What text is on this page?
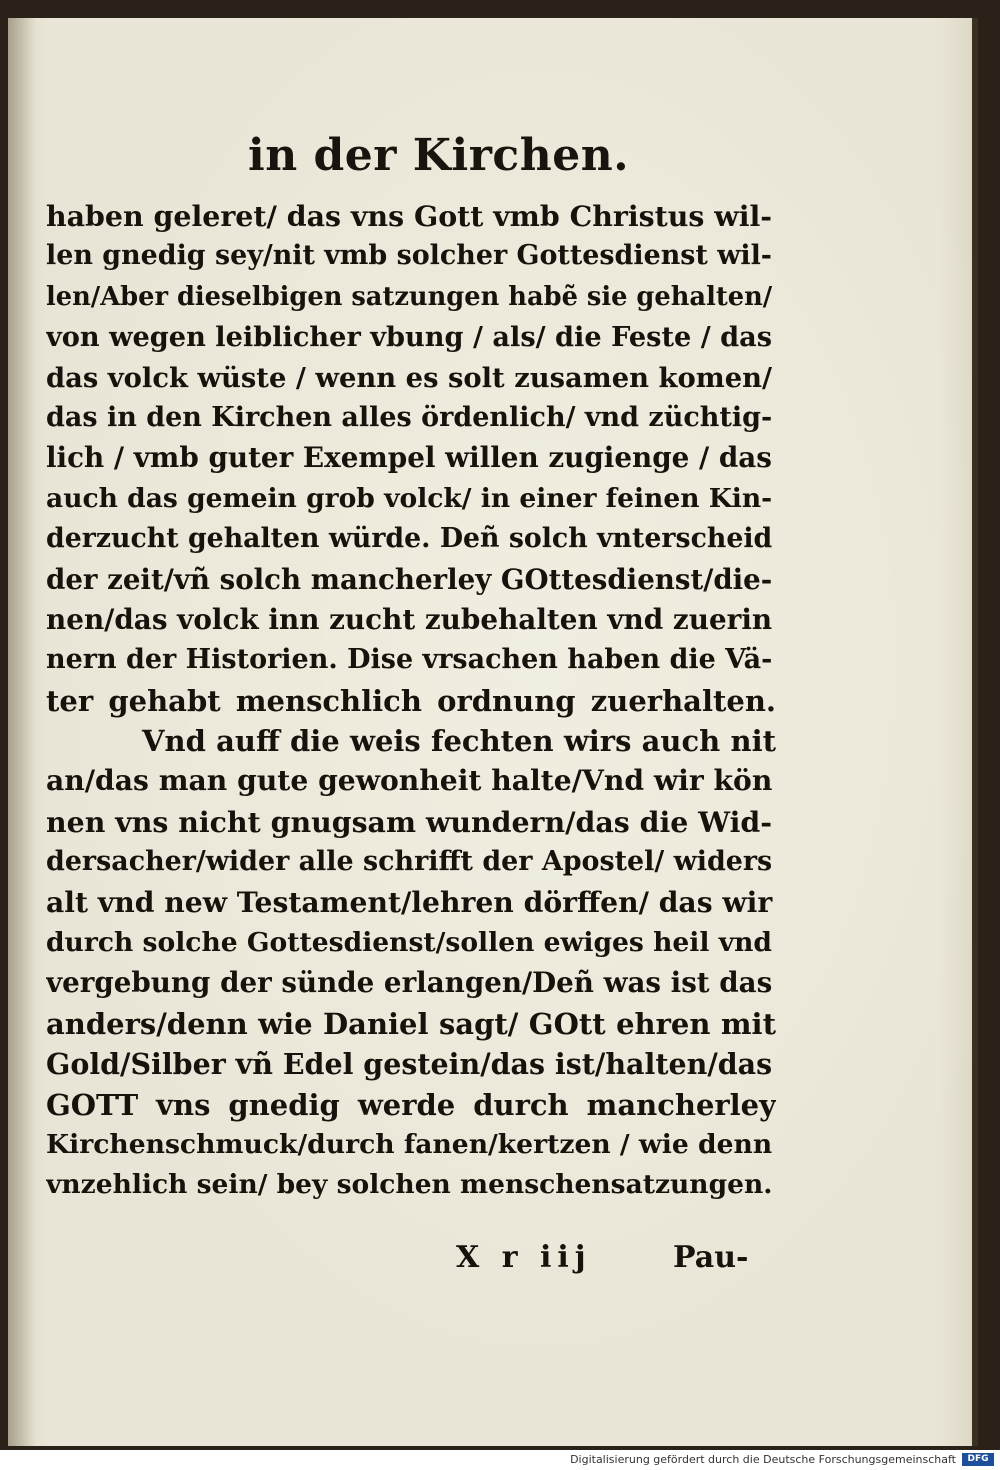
in der Kirchen.
haben geleret/ das vns Gott vmb Christus wil-
len gnedig sey/nit vmb solcher Gottesdienst wil-
len/Aber dieselbigen satzungen habẽ sie gehalten/
von wegen leiblicher vbung / als/ die Feste / das
das volck wüste / wenn es solt zusamen komen/
das in den Kirchen alles ördenlich/ vnd züchtig-
lich / vmb guter Exempel willen zugienge / das
auch das gemein grob volck/ in einer feinen Kin-
derzucht gehalten würde. Deñ solch vnterscheid
der zeit/vñ solch mancherley GOttesdienst/die-
nen/das volck inn zucht zubehalten vnd zuerin
nern der Historien. Dise vrsachen haben die Vä-
ter gehabt menschlich ordnung zuerhalten.
Vnd auff die weis fechten wirs auch nit
an/das man gute gewonheit halte/Vnd wir kön
nen vns nicht gnugsam wundern/das die Wid-
dersacher/wider alle schrifft der Apostel/ widers
alt vnd new Testament/lehren dörffen/ das wir
durch solche Gottesdienst/sollen ewiges heil vnd
vergebung der sünde erlangen/Deñ was ist das
anders/denn wie Daniel sagt/ GOtt ehren mit
Gold/Silber vñ Edel gestein/das ist/halten/das
GOTT vns gnedig werde durch mancherley
Kirchenschmuck/durch fanen/kertzen / wie denn
vnzehlich sein/ bey solchen menschensatzungen.
X r iij	Pau-
Digitalisierung gefördert durch die Deutsche Forschungsgemeinschaft	DFG
